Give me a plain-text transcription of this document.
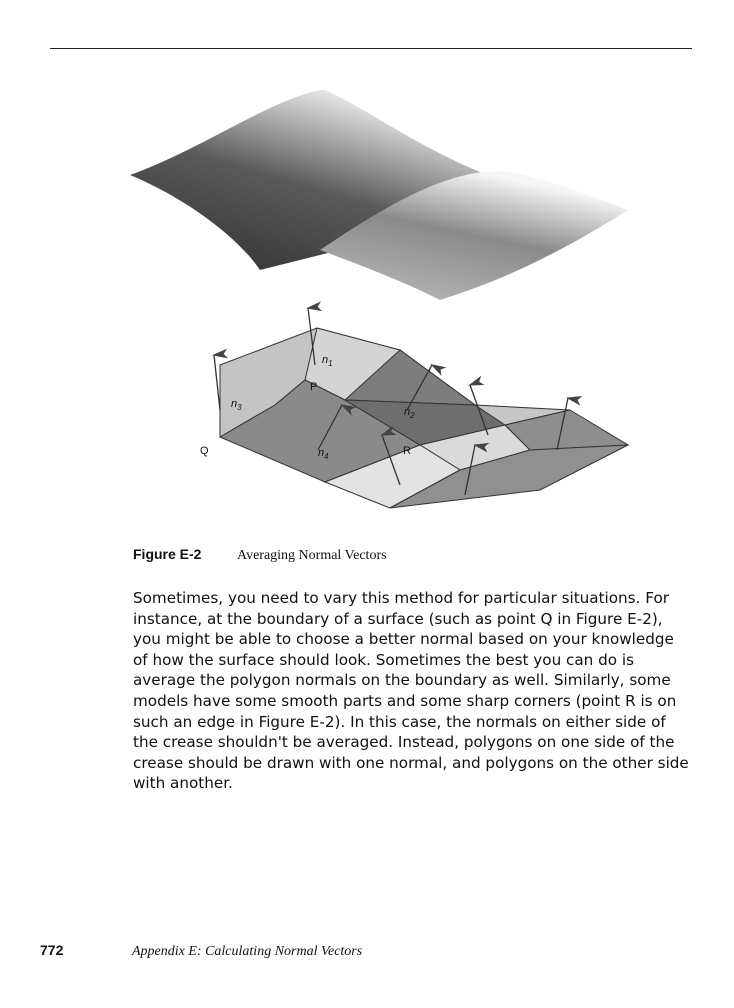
$n_1$
$n_3$	$n_2$
$n_4$
P
Q	R
Figure E-2	Averaging Normal Vectors

Sometimes, you need to vary this method for particular situations. For instance, at the boundary of a surface (such as point Q in Figure E-2), you might be able to choose a better normal based on your knowledge of how the surface should look. Sometimes the best you can do is average the polygon normals on the boundary as well. Similarly, some models have some smooth parts and some sharp corners (point R is on such an edge in Figure E-2). In this case, the normals on either side of the crease shouldn't be averaged. Instead, polygons on one side of the crease should be drawn with one normal, and polygons on the other side with another.

772	Appendix E: Calculating Normal Vectors
